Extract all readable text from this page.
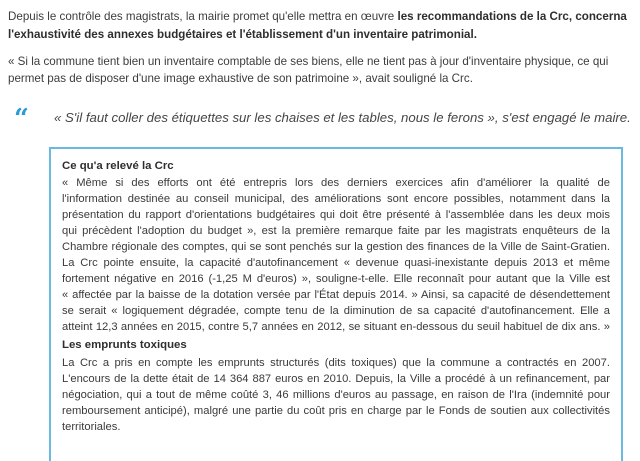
Depuis le contrôle des magistrats, la mairie promet qu'elle mettra en œuvre les recommandations de la Crc, concerna
l'exhaustivité des annexes budgétaires et l'établissement d'un inventaire patrimonial.
« Si la commune tient bien un inventaire comptable de ses biens, elle ne tient pas à jour d'inventaire physique, ce qui
permet pas de disposer d'une image exhaustive de son patrimoine », avait souligné la Crc.
“ « S'il faut coller des étiquettes sur les chaises et les tables, nous le ferons », s'est engagé le maire.
Ce qu'a relevé la Crc
« Même si des efforts ont été entrepris lors des derniers exercices afin d'améliorer la qualité de
l'information destinée au conseil municipal, des améliorations sont encore possibles, notamment dans la
présentation du rapport d'orientations budgétaires qui doit être présenté à l'assemblée dans les deux mois
qui précèdent l'adoption du budget », est la première remarque faite par les magistrats enquêteurs de la
Chambre régionale des comptes, qui se sont penchés sur la gestion des finances de la Ville de Saint-Gratien.
La Crc pointe ensuite, la capacité d'autofinancement « devenue quasi-inexistante depuis 2013 et même
fortement négative en 2016 (-1,25 M d'euros) », souligne-t-elle. Elle reconnaît pour autant que la Ville est
« affectée par la baisse de la dotation versée par l'État depuis 2014. » Ainsi, sa capacité de désendettement
se serait « logiquement dégradée, compte tenu de la diminution de sa capacité d'autofinancement. Elle a
atteint 12,3 années en 2015, contre 5,7 années en 2012, se situant en-dessous du seuil habituel de dix ans. »
Les emprunts toxiques
La Crc a pris en compte les emprunts structurés (dits toxiques) que la commune a contractés en 2007.
L'encours de la dette était de 14 364 887 euros en 2010. Depuis, la Ville a procédé à un refinancement, par
négociation, qui a tout de même coûté 3, 46 millions d'euros au passage, en raison de l'Ira (indemnité pour
remboursement anticipé), malgré une partie du coût pris en charge par le Fonds de soutien aux collectivités
territoriales.
